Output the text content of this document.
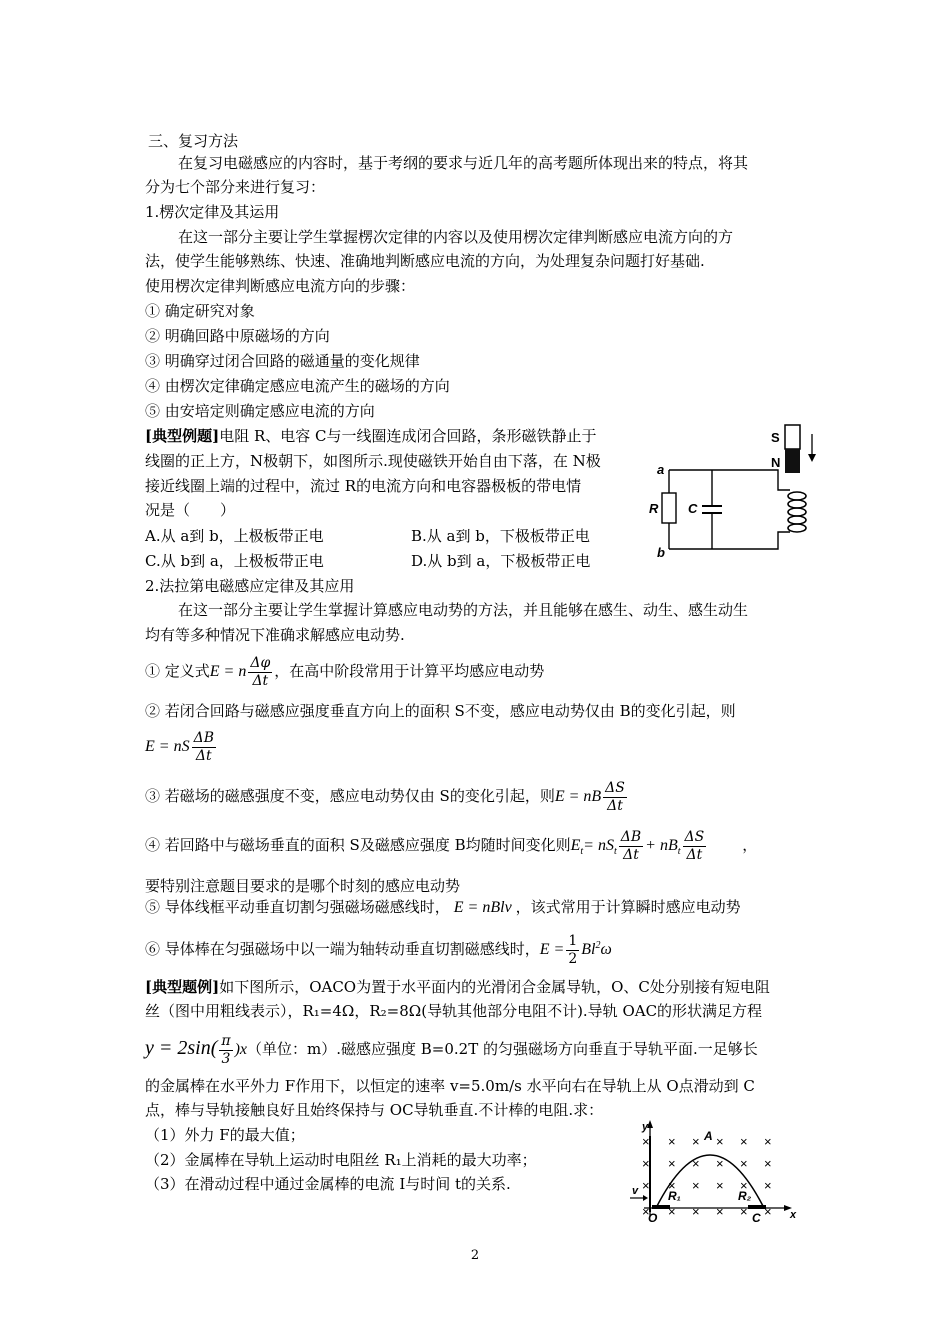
三、复习方法
在复习电磁感应的内容时，基于考纲的要求与近几年的高考题所体现出来的特点，将其
分为七个部分来进行复习：
1.楞次定律及其运用
在这一部分主要让学生掌握楞次定律的内容以及使用楞次定律判断感应电流方向的方
法，使学生能够熟练、快速、准确地判断感应电流的方向，为处理复杂问题打好基础.
使用楞次定律判断感应电流方向的步骤：
① 确定研究对象
② 明确回路中原磁场的方向
③ 明确穿过闭合回路的磁通量的变化规律
④ 由楞次定律确定感应电流产生的磁场的方向
⑤ 由安培定则确定感应电流的方向
[典型例题]电阻 R、电容 C与一线圈连成闭合回路，条形磁铁静止于
线圈的正上方，N极朝下，如图所示.现使磁铁开始自由下落，在 N极
接近线圈上端的过程中，流过 R的电流方向和电容器极板的带电情
况是（　　）
A.从 a到 b，上极板带正电	B.从 a到 b，下极板带正电
C.从 b到 a，上极板带正电	D.从 b到 a，下极板带正电
S
N
a
b
R C
2.法拉第电磁感应定律及其应用
在这一部分主要让学生掌握计算感应电动势的方法，并且能够在感生、动生、感生动生
均有等多种情况下准确求解感应电动势.
① 定义式E = n $\frac{\Delta\varphi}{\Delta t}$ ，在高中阶段常用于计算平均感应电动势
② 若闭合回路与磁感应强度垂直方向上的面积 S不变，感应电动势仅由 B的变化引起，则
E = nS $\frac{\Delta B}{\Delta t}$
③ 若磁场的磁感强度不变，感应电动势仅由 S的变化引起，则E = nB $\frac{\Delta S}{\Delta t}$
④ 若回路中与磁场垂直的面积 S及磁感应强度 B均随时间变化则$E_t= nS_t \frac{\Delta B}{\Delta t} + nB_t \frac{\Delta S}{\Delta t}$ ，
要特别注意题目要求的是哪个时刻的感应电动势
⑤ 导体线框平动垂直切割匀强磁场磁感线时， E = nBlv ，该式常用于计算瞬时感应电动势
⑥ 导体棒在匀强磁场中以一端为轴转动垂直切割磁感线时，$E = \frac{1}{2} Bl^2\omega$
[典型题例]如下图所示，OACO为置于水平面内的光滑闭合金属导轨，O、C处分别接有短电阻
丝（图中用粗线表示），R₁=4Ω，R₂=8Ω(导轨其他部分电阻不计).导轨 OAC的形状满足方程
$y = 2\sin( \frac{\pi}{3} )x$（单位：m）.磁感应强度 B=0.2T 的匀强磁场方向垂直于导轨平面.一足够长
的金属棒在水平外力 F作用下，以恒定的速率 v=5.0m/s 水平向右在导轨上从 O点滑动到 C
点，棒与导轨接触良好且始终保持与 OC导轨垂直.不计棒的电阻.求：
（1）外力 F的最大值；
（2）金属棒在导轨上运动时电阻丝 R₁上消耗的最大功率；
（3）在滑动过程中通过金属棒的电流 I与时间 t的关系.
× × × × × ×
× × × × × ×
× × × × × ×
× × × × × ×
y
x
O	C
A
R₁	R₂
v
2
